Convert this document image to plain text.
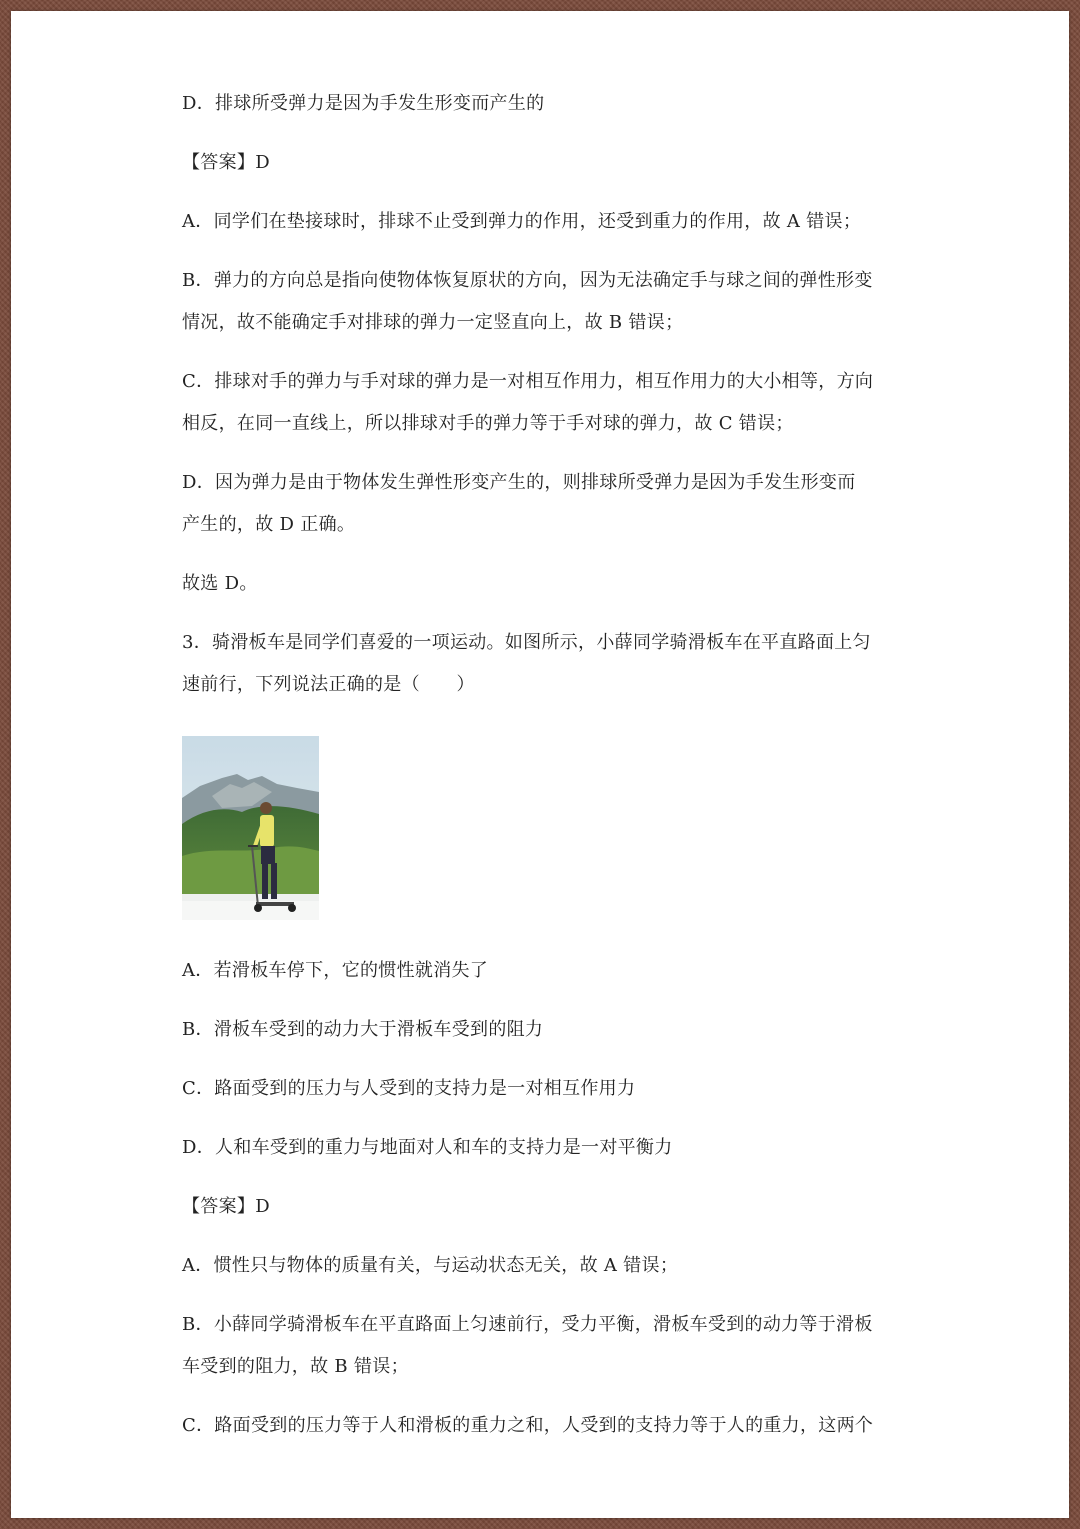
D．排球所受弹力是因为手发生形变而产生的

【答案】D

A．同学们在垫接球时，排球不止受到弹力的作用，还受到重力的作用，故 A 错误；

B．弹力的方向总是指向使物体恢复原状的方向，因为无法确定手与球之间的弹性形变

情况，故不能确定手对排球的弹力一定竖直向上，故 B 错误；

C．排球对手的弹力与手对球的弹力是一对相互作用力，相互作用力的大小相等，方向

相反，在同一直线上，所以排球对手的弹力等于手对球的弹力，故 C 错误；

D．因为弹力是由于物体发生弹性形变产生的，则排球所受弹力是因为手发生形变而

产生的，故 D 正确。

故选 D。

3．骑滑板车是同学们喜爱的一项运动。如图所示，小薛同学骑滑板车在平直路面上匀

速前行，下列说法正确的是（　　）

A．若滑板车停下，它的惯性就消失了

B．滑板车受到的动力大于滑板车受到的阻力

C．路面受到的压力与人受到的支持力是一对相互作用力

D．人和车受到的重力与地面对人和车的支持力是一对平衡力

【答案】D

A．惯性只与物体的质量有关，与运动状态无关，故 A 错误；

B．小薛同学骑滑板车在平直路面上匀速前行，受力平衡，滑板车受到的动力等于滑板

车受到的阻力，故 B 错误；

C．路面受到的压力等于人和滑板的重力之和，人受到的支持力等于人的重力，这两个
